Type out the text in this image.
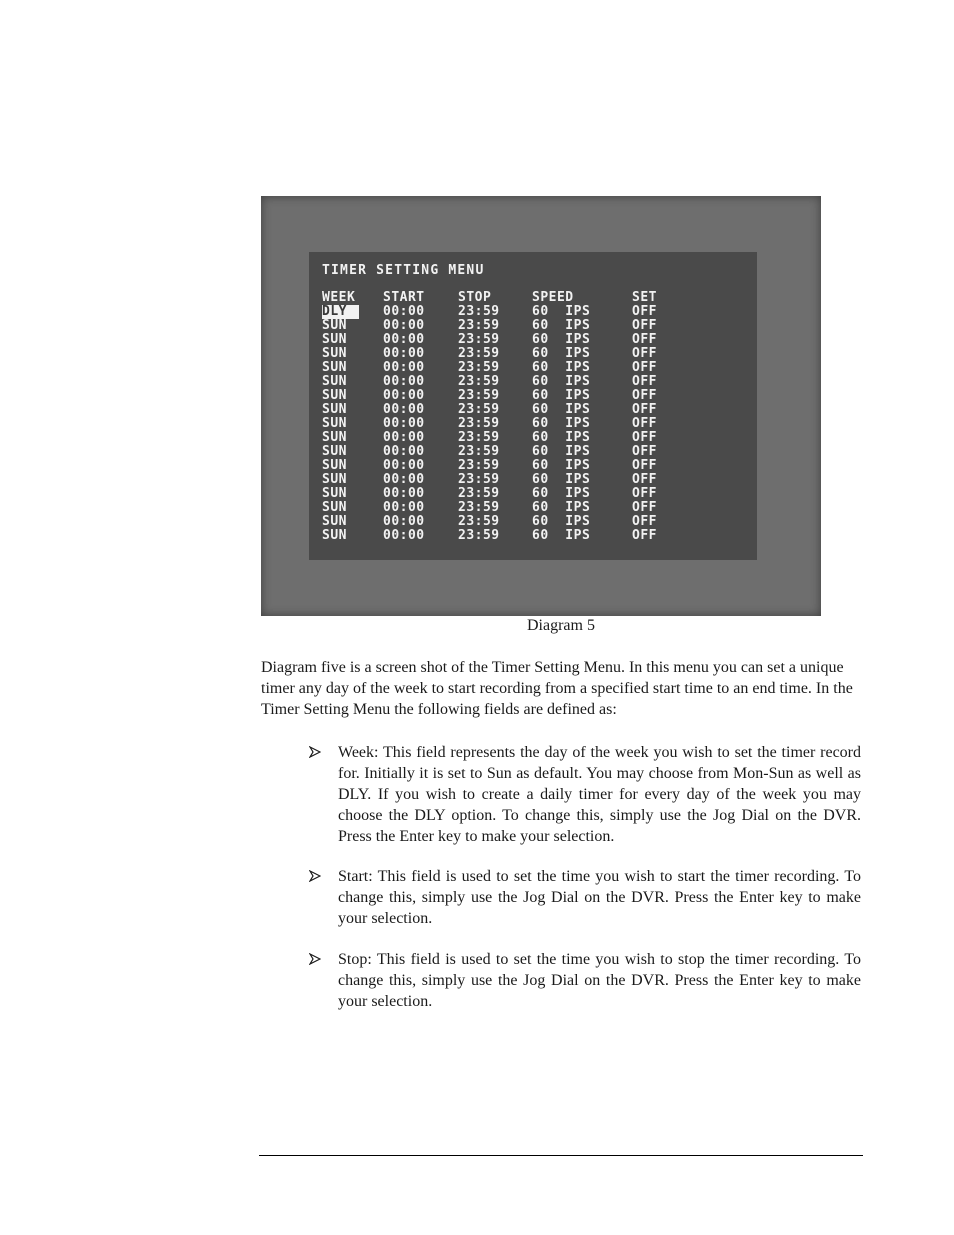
TIMER SETTING MENU
WEEK START	STOP	SPEED	SET
DLY	00:00	23:59 60  IPS	OFF
SUN	00:00	23:59 60  IPS	OFF
SUN	00:00	23:59 60  IPS	OFF
SUN	00:00	23:59 60  IPS	OFF
SUN	00:00	23:59 60  IPS	OFF
SUN	00:00	23:59 60  IPS	OFF
SUN	00:00	23:59 60  IPS	OFF
SUN	00:00	23:59 60  IPS	OFF
SUN	00:00	23:59 60  IPS	OFF
SUN	00:00	23:59 60  IPS	OFF
SUN	00:00	23:59 60  IPS	OFF
SUN	00:00	23:59 60  IPS	OFF
SUN	00:00	23:59 60  IPS	OFF
SUN	00:00	23:59 60  IPS	OFF
SUN	00:00	23:59 60  IPS	OFF
SUN	00:00	23:59 60  IPS	OFF
SUN	00:00	23:59 60  IPS	OFF
Diagram 5

Diagram five is a screen shot of the Timer Setting Menu. In this menu you can set a unique timer any day of the week to start recording from a specified start time to an end time. In the Timer Setting Menu the following fields are defined as:

Week: This field represents the day of the week you wish to set the timer record for. Initially it is set to Sun as default. You may choose from Mon-Sun as well as DLY. If you wish to create a daily timer for every day of the week you may choose the DLY option. To change this, simply use the Jog Dial on the DVR. Press the Enter key to make your selection.

Start: This field is used to set the time you wish to start the timer recording. To change this, simply use the Jog Dial on the DVR. Press the Enter key to make your selection.

Stop: This field is used to set the time you wish to stop the timer recording. To change this, simply use the Jog Dial on the DVR. Press the Enter key to make your selection.
